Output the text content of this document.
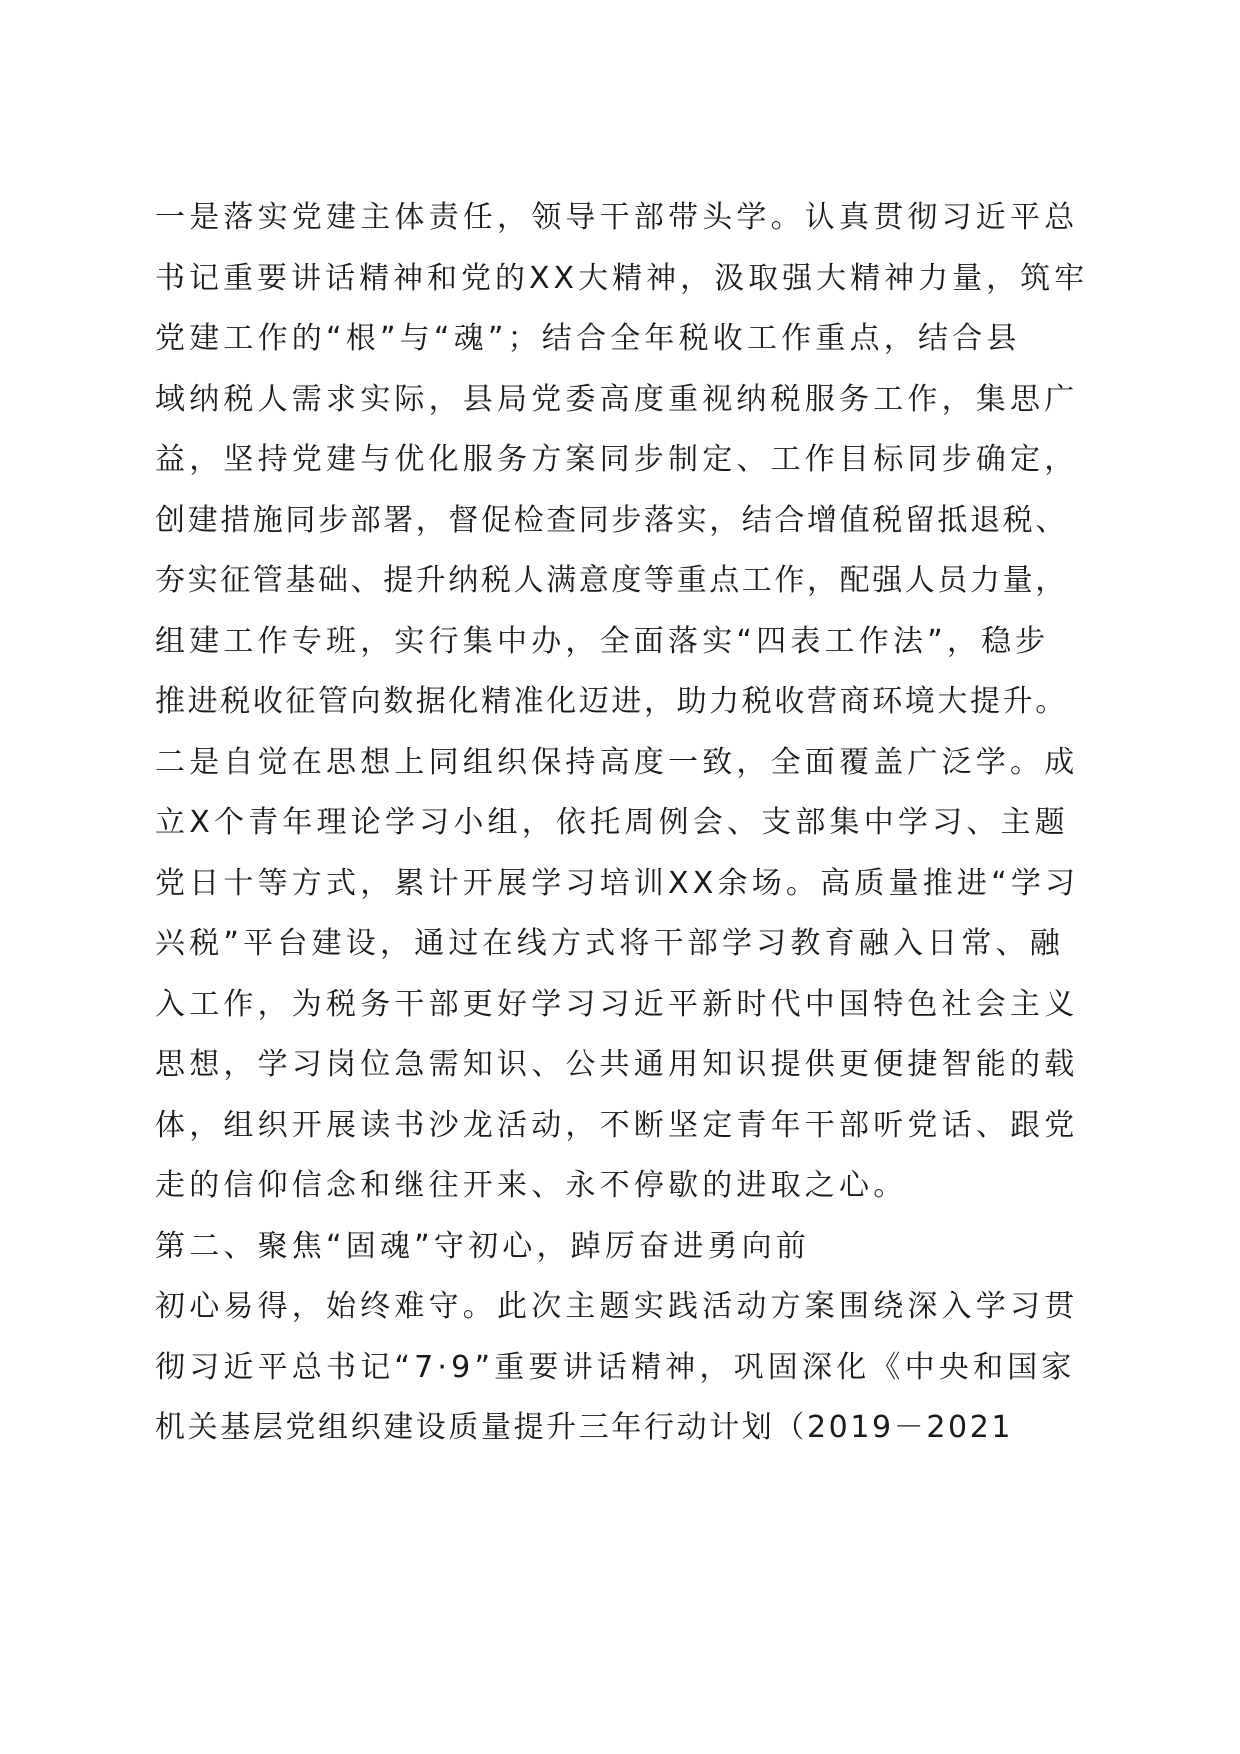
一是落实党建主体责任，领导干部带头学。认真贯彻习近平总
书记重要讲话精神和党的XX大精神，汲取强大精神力量，筑牢
党建工作的“根”与“魂”；结合全年税收工作重点，结合县
域纳税人需求实际，县局党委高度重视纳税服务工作，集思广
益，坚持党建与优化服务方案同步制定、工作目标同步确定，
创建措施同步部署，督促检查同步落实，结合增值税留抵退税、
夯实征管基础、提升纳税人满意度等重点工作，配强人员力量，
组建工作专班，实行集中办，全面落实“四表工作法”，稳步
推进税收征管向数据化精准化迈进，助力税收营商环境大提升。
二是自觉在思想上同组织保持高度一致，全面覆盖广泛学。成
立X个青年理论学习小组，依托周例会、支部集中学习、主题
党日十等方式，累计开展学习培训XX余场。高质量推进“学习
兴税”平台建设，通过在线方式将干部学习教育融入日常、融
入工作，为税务干部更好学习习近平新时代中国特色社会主义
思想，学习岗位急需知识、公共通用知识提供更便捷智能的载
体，组织开展读书沙龙活动，不断坚定青年干部听党话、跟党
走的信仰信念和继往开来、永不停歇的进取之心。
第二、聚焦“固魂”守初心，踔厉奋进勇向前
初心易得，始终难守。此次主题实践活动方案围绕深入学习贯
彻习近平总书记“7·9”重要讲话精神，巩固深化《中央和国家
机关基层党组织建设质量提升三年行动计划（2019－2021
